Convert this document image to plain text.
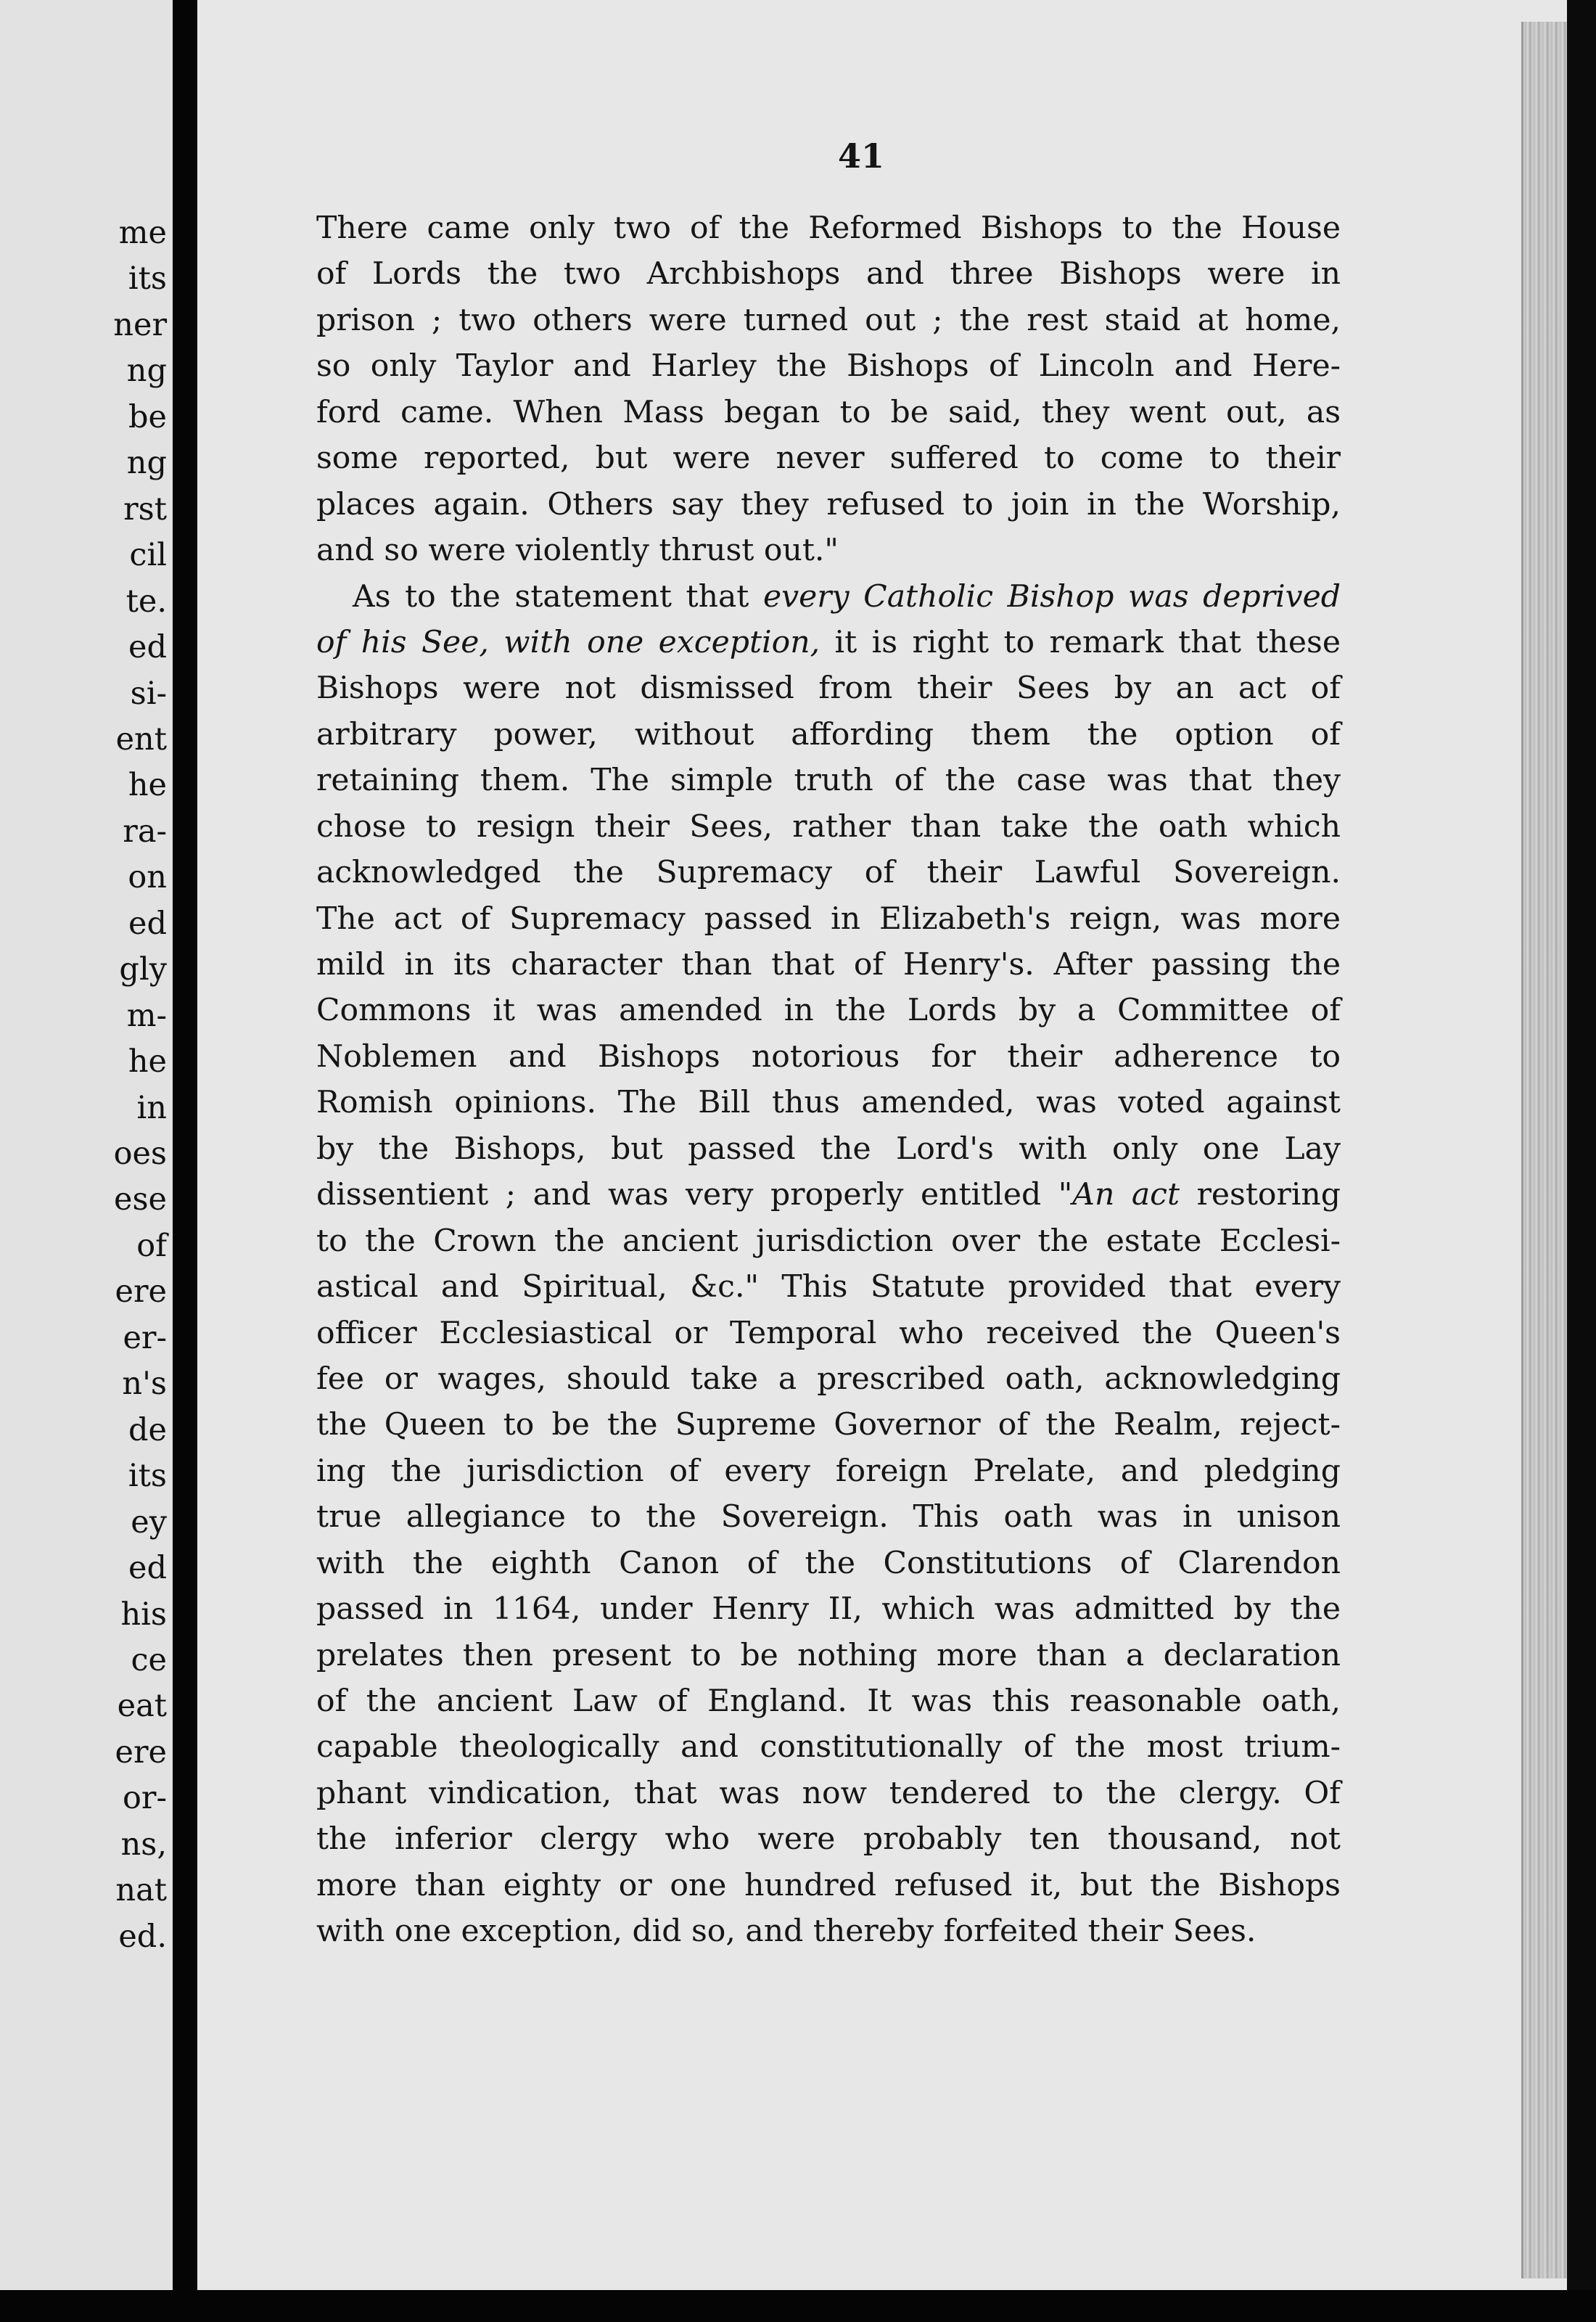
me
its
ner
ng
be
ng
rst
cil
te.
ed
si-
ent
he
ra-
on
ed
gly
m-
he
in
oes
ese
of
ere
er-
n's
de
its
ey
ed
his
ce
eat
ere
or-
ns,
nat
ed.
41
There came only two of the Reformed Bishops to the House
of Lords the two Archbishops and three Bishops were in
prison ; two others were turned out ; the rest staid at home,
so only Taylor and Harley the Bishops of Lincoln and Here-
ford came. When Mass began to be said, they went out, as
some reported, but were never suffered to come to their
places again. Others say they refused to join in the Worship,
and so were violently thrust out."
As to the statement that every Catholic Bishop was deprived
of his See, with one exception, it is right to remark that these
Bishops were not dismissed from their Sees by an act of
arbitrary power, without affording them the option of
retaining them. The simple truth of the case was that they
chose to resign their Sees, rather than take the oath which
acknowledged the Supremacy of their Lawful Sovereign.
The act of Supremacy passed in Elizabeth's reign, was more
mild in its character than that of Henry's. After passing the
Commons it was amended in the Lords by a Committee of
Noblemen and Bishops notorious for their adherence to
Romish opinions. The Bill thus amended, was voted against
by the Bishops, but passed the Lord's with only one Lay
dissentient ; and was very properly entitled "An act restoring
to the Crown the ancient jurisdiction over the estate Ecclesi-
astical and Spiritual, &c." This Statute provided that every
officer Ecclesiastical or Temporal who received the Queen's
fee or wages, should take a prescribed oath, acknowledging
the Queen to be the Supreme Governor of the Realm, reject-
ing the jurisdiction of every foreign Prelate, and pledging
true allegiance to the Sovereign. This oath was in unison
with the eighth Canon of the Constitutions of Clarendon
passed in 1164, under Henry II, which was admitted by the
prelates then present to be nothing more than a declaration
of the ancient Law of England. It was this reasonable oath,
capable theologically and constitutionally of the most trium-
phant vindication, that was now tendered to the clergy. Of
the inferior clergy who were probably ten thousand, not
more than eighty or one hundred refused it, but the Bishops
with one exception, did so, and thereby forfeited their Sees.
